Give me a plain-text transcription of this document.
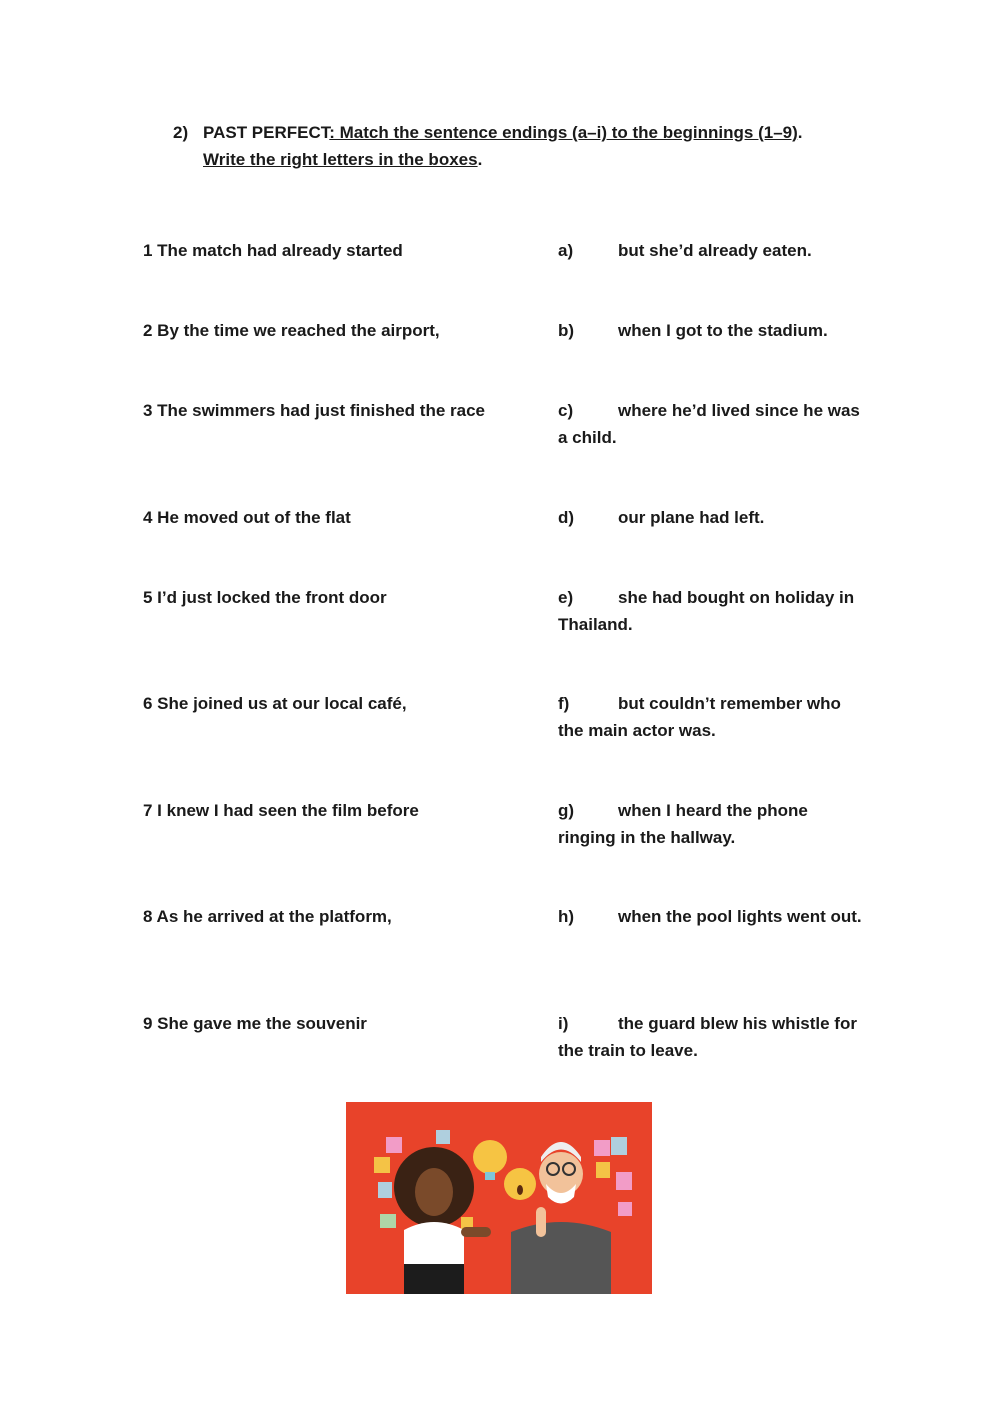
2) PAST PERFECT: Match the sentence endings (a–i) to the beginnings (1–9).
Write the right letters in the boxes.
1 The match had already started	a)	but she’d already eaten.
2 By the time we reached the airport,	b)	when I got to the stadium.
3 The swimmers had just finished the race	c)	where he’d lived since he was a child.
4 He moved out of the flat	d)	our plane had left.
5 I’d just locked the front door	e)	she had bought on holiday in Thailand.
6 She joined us at our local café,	f)	but couldn’t remember who the main actor was.
7 I knew I had seen the film before	g)	when I heard the phone ringing in the hallway.
8 As he arrived at the platform,	h)	when the pool lights went out.
9 She gave me the souvenir	i)	the guard blew his whistle for the train to leave.
